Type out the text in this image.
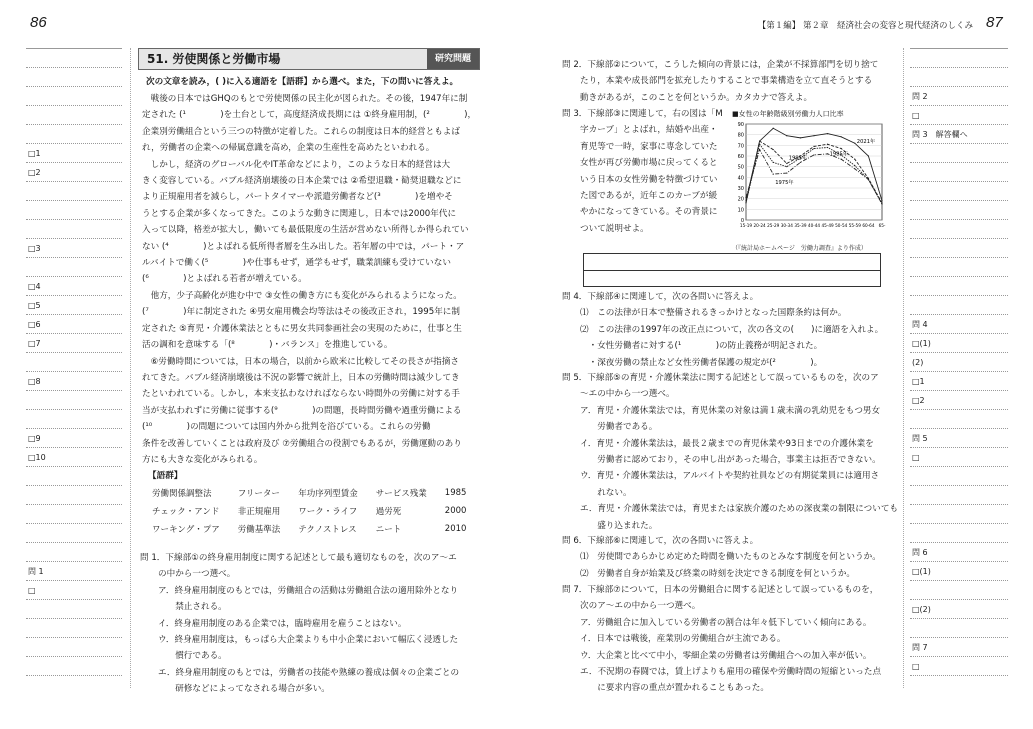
86
□1
□2
□3
□4
□5
□6
□7
□8
□9
□10
問 1
□
51. 労使関係と労働市場	研究問題
次の文章を読み，( )に入る適語を【語群】から選べ。また，下の問いに答えよ。
　戦後の日本ではGHQのもとで労使関係の民主化が図られた。その後，1947年に制
定された (¹　　　　)を土台として，高度経済成長期には ①終身雇用制，(²　　　　)，
企業別労働組合という三つの特徴が定着した。これらの制度は日本的経営ともよば
れ，労働者の企業への帰属意識を高め，企業の生産性を高めたといわれる。
　しかし，経済のグローバル化やIT革命などにより，このような日本的経営は大
きく変容している。バブル経済崩壊後の日本企業では ②希望退職・勧奨退職などに
より正規雇用者を減らし，パートタイマーや派遣労働者など(³　　　　)を増やそ
うとする企業が多くなってきた。このような動きに関連し，日本では2000年代に
入って以降，格差が拡大し，働いても最低限度の生活が営めない所得しか得られてい
ない (⁴　　　　)とよばれる低所得者層を生み出した。若年層の中では，パート・ア
ルバイトで働く(⁵　　　　)や仕事もせず，通学もせず，職業訓練も受けていない
(⁶　　　　)とよばれる若者が増えている。
　他方，少子高齢化が進む中で ③女性の働き方にも変化がみられるようになった。
(⁷　　　　)年に制定された ④男女雇用機会均等法はその後改正され，1995年に制
定された ⑤育児・介護休業法とともに男女共同参画社会の実現のために，仕事と生
活の調和を意味する「(⁸　　　　)・バランス」を推進している。
　⑥労働時間については，日本の場合，以前から欧米に比較してその長さが指摘さ
れてきた。バブル経済崩壊後は不況の影響で統計上，日本の労働時間は減少してき
たといわれている。しかし，本来支払わなければならない時間外の労働に対する手
当が支払われずに労働に従事する(⁹　　　　)の問題，長時間労働や過重労働による
(¹⁰　　　　)の問題については国内外から批判を浴びている。これらの労働
条件を改善していくことは政府及び ⑦労働組合の役割でもあるが，労働運動のあり
方にも大きな変化がみられる。
【語群】
労働関係調整法	フリーター	年功序列型賃金	サービス残業	1985
チェック・アンド	非正規雇用	ワーク・ライフ	過労死	2000
ワーキング・プア	労働基準法	テクノストレス	ニート	2010
問 1．下線部①の終身雇用制度に関する記述として最も適切なものを，次のア〜エ
の中から一つ選べ。
ア．終身雇用制度のもとでは，労働組合の活動は労働組合法の適用除外となり
　　禁止される。
イ．終身雇用制度のある企業では，臨時雇用を雇うことはない。
ウ．終身雇用制度は，もっぱら大企業よりも中小企業において幅広く浸透した
　　慣行である。
エ．終身雇用制度のもとでは，労働者の技能や熟練の養成は個々の企業ごとの
　　研修などによってなされる場合が多い。
【第１編】 第２章　経済社会の変容と現代経済のしくみ 87
問 2
□
問 3　解答欄へ
問 4
□(1)
(2)
□1
□2
問 5
□
問 6
□(1)
□(2)
問 7
□
問 2．下線部②について，こうした傾向の背景には，企業が不採算部門を切り捨て
たり，本業や成長部門を拡充したりすることで事業構造を立て直そうとする
動きがあるが，このことを何というか。カタカナで答えよ。
問 3．下線部③に関連して，右の図は「M
字カーブ」とよばれ，結婚や出産・
育児等で一時，家事に専念していた
女性が再び労働市場に戻ってくると
いう日本の女性労働を特徴づけてい
た図であるが，近年このカーブが緩
やかになってきている。その背景に
ついて説明せよ。
■女性の年齢階級別労働力人口比率
0
10
20
30
40
50
60
70
80
90
15-19 20-24 25-29 30-34 35-39 40-44 45-49 50-54 55-59 60-64 65-
2021年
1995年
1985年
1975年
（『統計局ホームページ　労働力調査』より作成）
問 4．下線部④に関連して，次の各問いに答えよ。
⑴　この法律が日本で整備されるきっかけとなった国際条約は何か。
⑵　この法律の1997年の改正点について，次の各文の(　　)に適語を入れよ。
　・女性労働者に対する(¹　　　　)の防止義務が明記された。
　・深夜労働の禁止など女性労働者保護の規定が(²　　　　)。
問 5．下線部⑤の育児・介護休業法に関する記述として誤っているものを，次のア
〜エの中から一つ選べ。
ア．育児・介護休業法では，育児休業の対象は満１歳未満の乳幼児をもつ男女
　　労働者である。
イ．育児・介護休業法は，最長２歳までの育児休業や93日までの介護休業を
　　労働者に認めており，その申し出があった場合，事業主は拒否できない。
ウ．育児・介護休業法は，アルバイトや契約社員などの有期従業員には適用さ
　　れない。
エ．育児・介護休業法では，育児または家族介護のための深夜業の制限についても
　　盛り込まれた。
問 6．下線部⑥に関連して，次の各問いに答えよ。
⑴　労使間であらかじめ定めた時間を働いたものとみなす制度を何というか。
⑵　労働者自身が始業及び終業の時刻を決定できる制度を何というか。
問 7．下線部⑦について，日本の労働組合に関する記述として誤っているものを，
次のア〜エの中から一つ選べ。
ア．労働組合に加入している労働者の割合は年々低下していく傾向にある。
イ．日本では戦後，産業別の労働組合が主流である。
ウ．大企業と比べて中小，零細企業の労働者は労働組合への加入率が低い。
エ．不況期の春闘では，賃上げよりも雇用の確保や労働時間の短縮といった点
　　に要求内容の重点が置かれることもあった。
